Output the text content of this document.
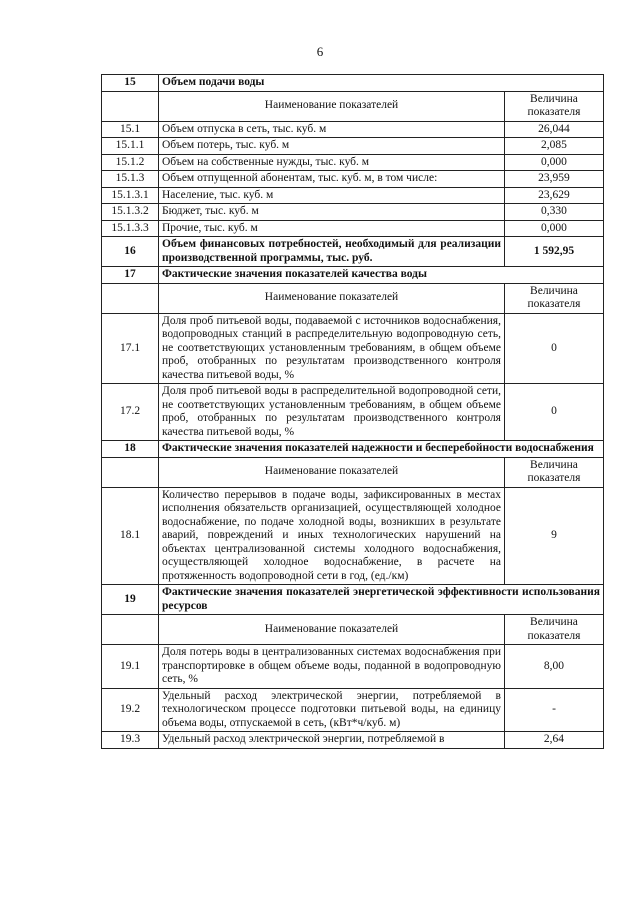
6
15	Объем подачи воды	
	Наименование показателей	Величина показателя
15.1	Объем отпуска в сеть, тыс. куб. м	26,044
15.1.1	Объем потерь, тыс. куб. м	2,085
15.1.2	Объем на собственные нужды, тыс. куб. м	0,000
15.1.3	Объем отпущенной абонентам, тыс. куб. м, в том числе:	23,959
15.1.3.1	Население, тыс. куб. м	23,629
15.1.3.2	Бюджет, тыс. куб. м	0,330
15.1.3.3	Прочие, тыс. куб. м	0,000
16	Объем финансовых потребностей, необходимый для реализации производственной программы, тыс. руб.	1 592,95
17	Фактические значения показателей качества воды	
	Наименование показателей	Величина показателя
17.1	Доля проб питьевой воды, подаваемой с источников водоснабжения, водопроводных станций в распределительную водопроводную сеть, не соответствующих установленным требованиям, в общем объеме проб, отобранных по результатам производственного контроля качества питьевой воды, %	0
17.2	Доля проб питьевой воды в распределительной водопроводной сети, не соответствующих установленным требованиям, в общем объеме проб, отобранных по результатам производственного контроля качества питьевой воды, %	0
18	Фактические значения показателей надежности и бесперебойности водоснабжения	
	Наименование показателей	Величина показателя
18.1	Количество перерывов в подаче воды, зафиксированных в местах исполнения обязательств организацией, осуществляющей холодное водоснабжение, по подаче холодной воды, возникших в результате аварий, повреждений и иных технологических нарушений на объектах централизованной системы холодного водоснабжения, осуществляющей холодное водоснабжение, в расчете на протяженность водопроводной сети в год, (ед./км)	9
19	Фактические значения показателей энергетической эффективности использования ресурсов	
	Наименование показателей	Величина показателя
19.1	Доля потерь воды в централизованных системах водоснабжения при транспортировке в общем объеме воды, поданной в водопроводную сеть, %	8,00
19.2	Удельный расход электрической энергии, потребляемой в технологическом процессе подготовки питьевой воды, на единицу объема воды, отпускаемой в сеть, (кВт*ч/куб. м)	-
19.3	Удельный расход электрической энергии, потребляемой в	2,64
